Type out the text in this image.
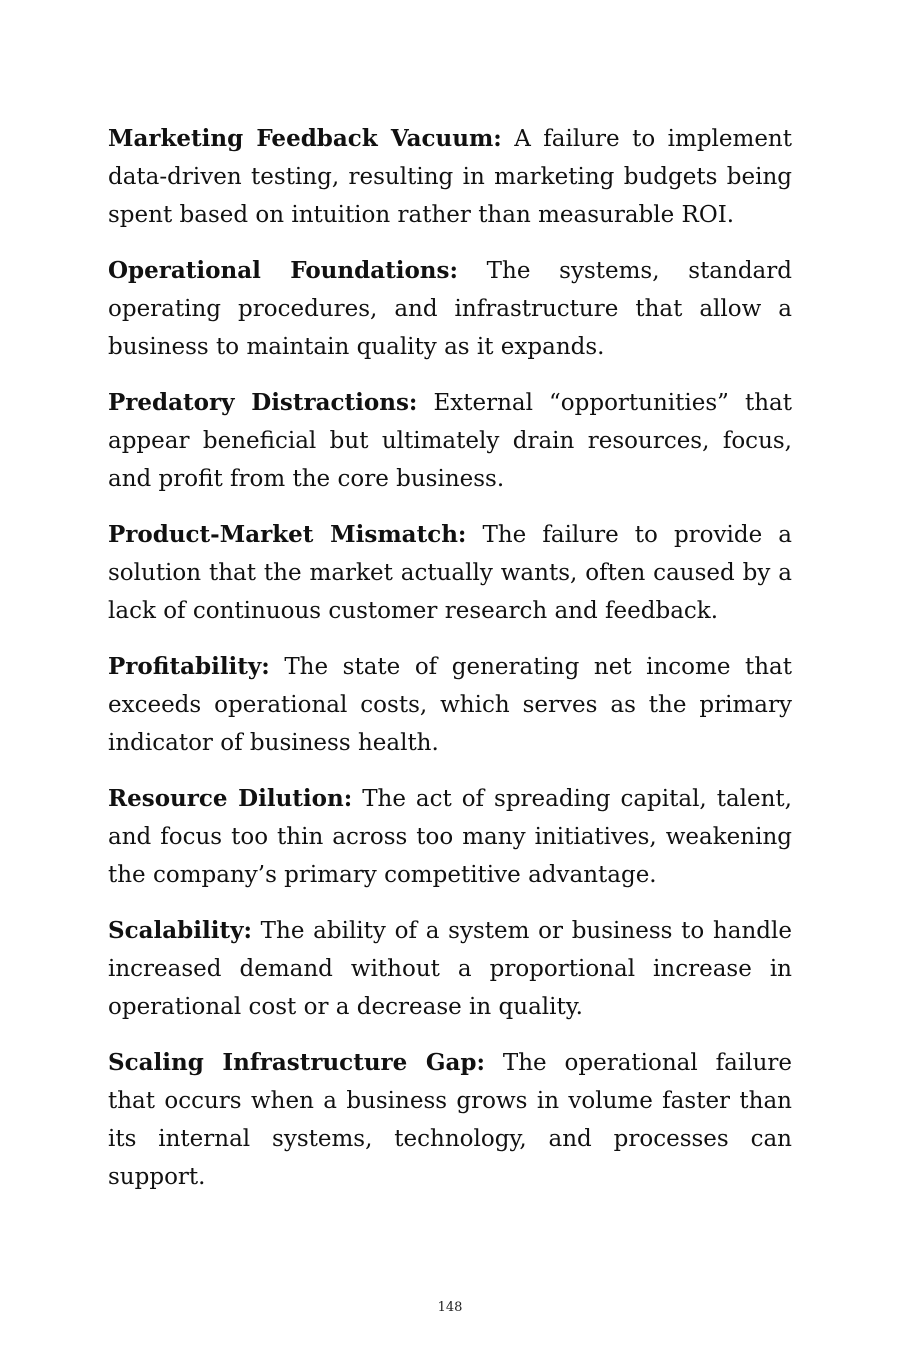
Marketing Feedback Vacuum: A failure to implement data-driven testing, resulting in marketing budgets being spent based on intuition rather than measurable ROI.

Operational Foundations: The systems, standard operating procedures, and infrastructure that allow a business to maintain quality as it expands.

Predatory Distractions: External “opportunities” that appear beneficial but ultimately drain resources, focus, and profit from the core business.

Product-Market Mismatch: The failure to provide a solution that the market actually wants, often caused by a lack of continuous customer research and feedback.

Profitability: The state of generating net income that exceeds operational costs, which serves as the primary indicator of business health.

Resource Dilution: The act of spreading capital, talent, and focus too thin across too many initiatives, weakening the company’s primary competitive advantage.

Scalability: The ability of a system or business to handle increased demand without a proportional increase in operational cost or a decrease in quality.

Scaling Infrastructure Gap: The operational failure that occurs when a business grows in volume faster than its internal systems, technology, and processes can support.

148
